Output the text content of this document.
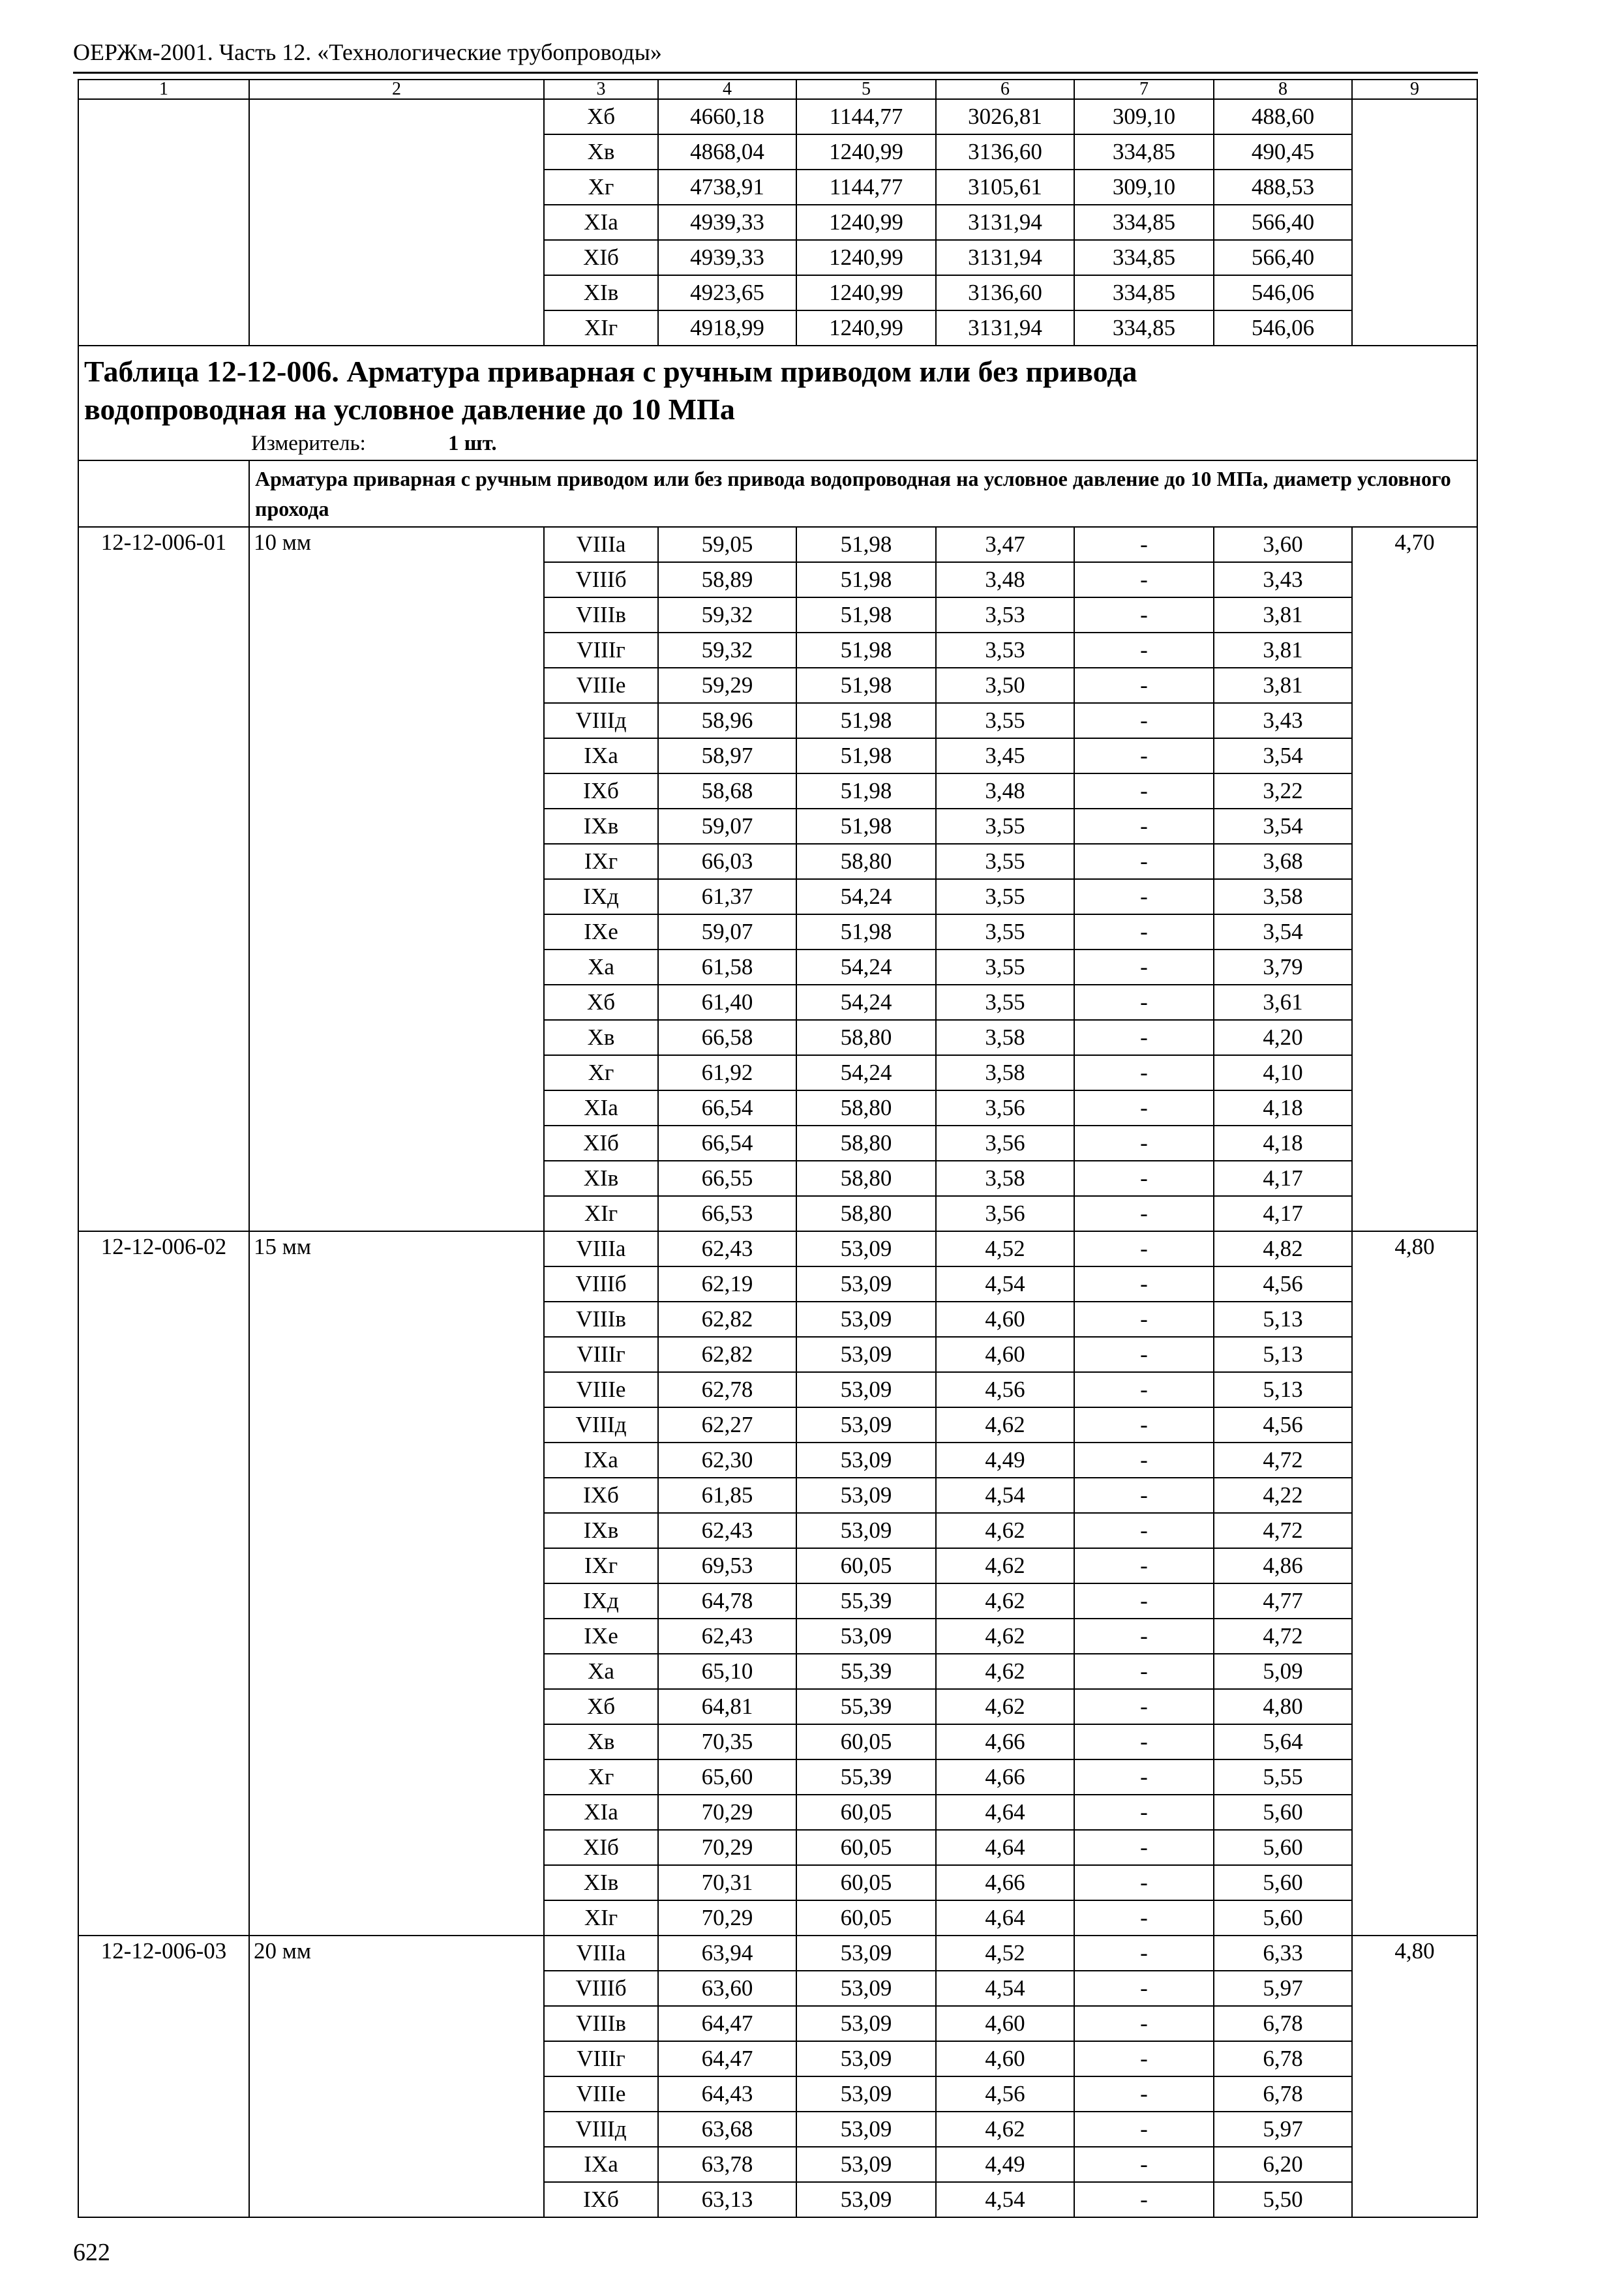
ОЕРЖм-2001. Часть 12. «Технологические трубопроводы»
1	2	3	4	5	6	7	8	9
		Xб	4660,18	1144,77	3026,81	309,10	488,60	
		Xв	4868,04	1240,99	3136,60	334,85	490,45	
		Xг	4738,91	1144,77	3105,61	309,10	488,53	
		XIа	4939,33	1240,99	3131,94	334,85	566,40	
		XIб	4939,33	1240,99	3131,94	334,85	566,40	
		XIв	4923,65	1240,99	3136,60	334,85	546,06	
		XIг	4918,99	1240,99	3131,94	334,85	546,06	

Таблица 12-12-006. Арматура приварная с ручным приводом или без привода
водопроводная на условное давление до 10 МПа
Измеритель: 1 шт.								

	Арматура приварная с ручным приводом или без привода водопроводная на условное давление до 10 МПа, диаметр условного прохода							
12-12-006-01	10 мм	VIIIа	59,05	51,98	3,47	-	3,60	4,70
		VIIIб	58,89	51,98	3,48	-	3,43	
		VIIIв	59,32	51,98	3,53	-	3,81	
		VIIIг	59,32	51,98	3,53	-	3,81	
		VIIIе	59,29	51,98	3,50	-	3,81	
		VIIIд	58,96	51,98	3,55	-	3,43	
		IXа	58,97	51,98	3,45	-	3,54	
		IXб	58,68	51,98	3,48	-	3,22	
		IXв	59,07	51,98	3,55	-	3,54	
		IXг	66,03	58,80	3,55	-	3,68	
		IXд	61,37	54,24	3,55	-	3,58	
		IXе	59,07	51,98	3,55	-	3,54	
		Xа	61,58	54,24	3,55	-	3,79	
		Xб	61,40	54,24	3,55	-	3,61	
		Xв	66,58	58,80	3,58	-	4,20	
		Xг	61,92	54,24	3,58	-	4,10	
		XIа	66,54	58,80	3,56	-	4,18	
		XIб	66,54	58,80	3,56	-	4,18	
		XIв	66,55	58,80	3,58	-	4,17	
		XIг	66,53	58,80	3,56	-	4,17	
12-12-006-02	15 мм	VIIIа	62,43	53,09	4,52	-	4,82	4,80
		VIIIб	62,19	53,09	4,54	-	4,56	
		VIIIв	62,82	53,09	4,60	-	5,13	
		VIIIг	62,82	53,09	4,60	-	5,13	
		VIIIе	62,78	53,09	4,56	-	5,13	
		VIIIд	62,27	53,09	4,62	-	4,56	
		IXа	62,30	53,09	4,49	-	4,72	
		IXб	61,85	53,09	4,54	-	4,22	
		IXв	62,43	53,09	4,62	-	4,72	
		IXг	69,53	60,05	4,62	-	4,86	
		IXд	64,78	55,39	4,62	-	4,77	
		IXе	62,43	53,09	4,62	-	4,72	
		Xа	65,10	55,39	4,62	-	5,09	
		Xб	64,81	55,39	4,62	-	4,80	
		Xв	70,35	60,05	4,66	-	5,64	
		Xг	65,60	55,39	4,66	-	5,55	
		XIа	70,29	60,05	4,64	-	5,60	
		XIб	70,29	60,05	4,64	-	5,60	
		XIв	70,31	60,05	4,66	-	5,60	
		XIг	70,29	60,05	4,64	-	5,60	
12-12-006-03	20 мм	VIIIа	63,94	53,09	4,52	-	6,33	4,80
		VIIIб	63,60	53,09	4,54	-	5,97	
		VIIIв	64,47	53,09	4,60	-	6,78	
		VIIIг	64,47	53,09	4,60	-	6,78	
		VIIIе	64,43	53,09	4,56	-	6,78	
		VIIIд	63,68	53,09	4,62	-	5,97	
		IXа	63,78	53,09	4,49	-	6,20	
		IXб	63,13	53,09	4,54	-	5,50	
622
